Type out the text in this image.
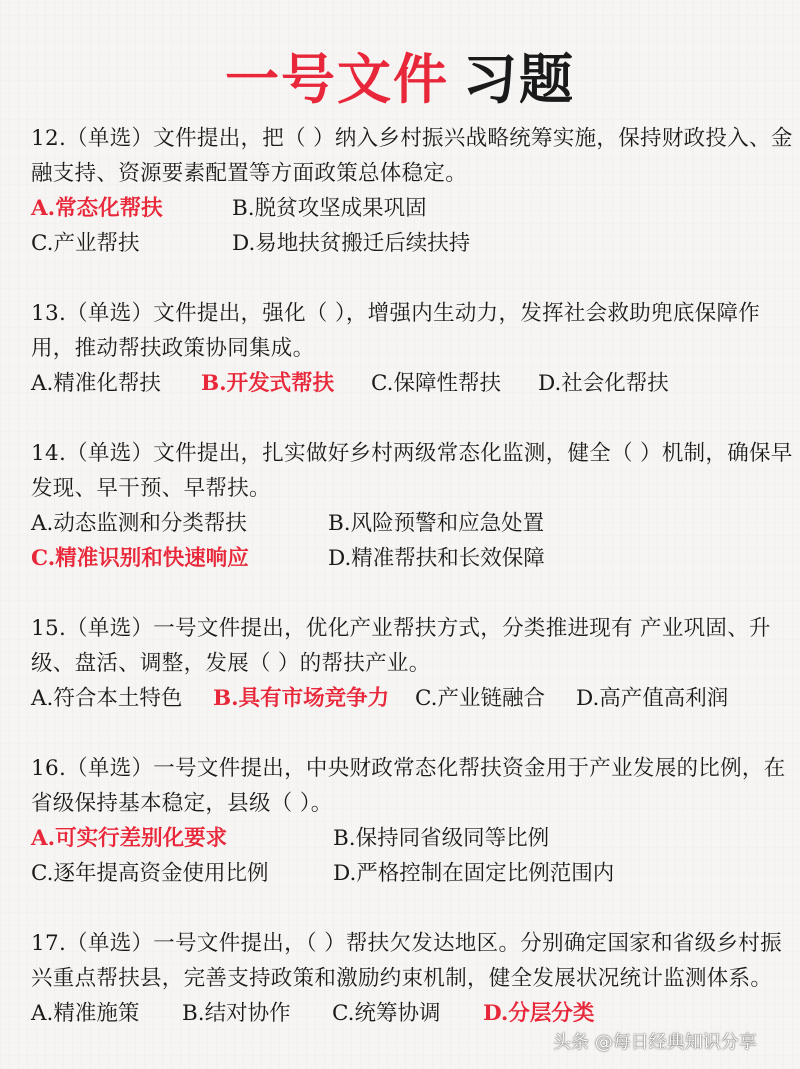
一号文件 习题
12.（单选）文件提出，把（ ）纳入乡村振兴战略统筹实施，保持财政投入、金融支持、资源要素配置等方面政策总体稳定。
A.常态化帮扶	B.脱贫攻坚成果巩固
C.产业帮扶	D.易地扶贫搬迁后续扶持
13.（单选）文件提出，强化（ ），增强内生动力，发挥社会救助兜底保障作用，推动帮扶政策协同集成。
A.精准化帮扶 B.开发式帮扶 C.保障性帮扶 D.社会化帮扶
14.（单选）文件提出，扎实做好乡村两级常态化监测，健全（ ）机制，确保早发现、早干预、早帮扶。
A.动态监测和分类帮扶	B.风险预警和应急处置
C.精准识别和快速响应	D.精准帮扶和长效保障
15.（单选）一号文件提出，优化产业帮扶方式，分类推进现有 产业巩固、升级、盘活、调整，发展（ ）的帮扶产业。
A.符合本土特色 B.具有市场竞争力 C.产业链融合 D.高产值高利润
16.（单选）一号文件提出，中央财政常态化帮扶资金用于产业发展的比例，在省级保持基本稳定，县级（ ）。
A.可实行差别化要求	B.保持同省级同等比例
C.逐年提高资金使用比例	D.严格控制在固定比例范围内
17.（单选）一号文件提出，（ ）帮扶欠发达地区。分别确定国家和省级乡村振兴重点帮扶县，完善支持政策和激励约束机制，健全发展状况统计监测体系。
A.精准施策 B.结对协作 C.统筹协调 D.分层分类
头条 @每日经典知识分享
